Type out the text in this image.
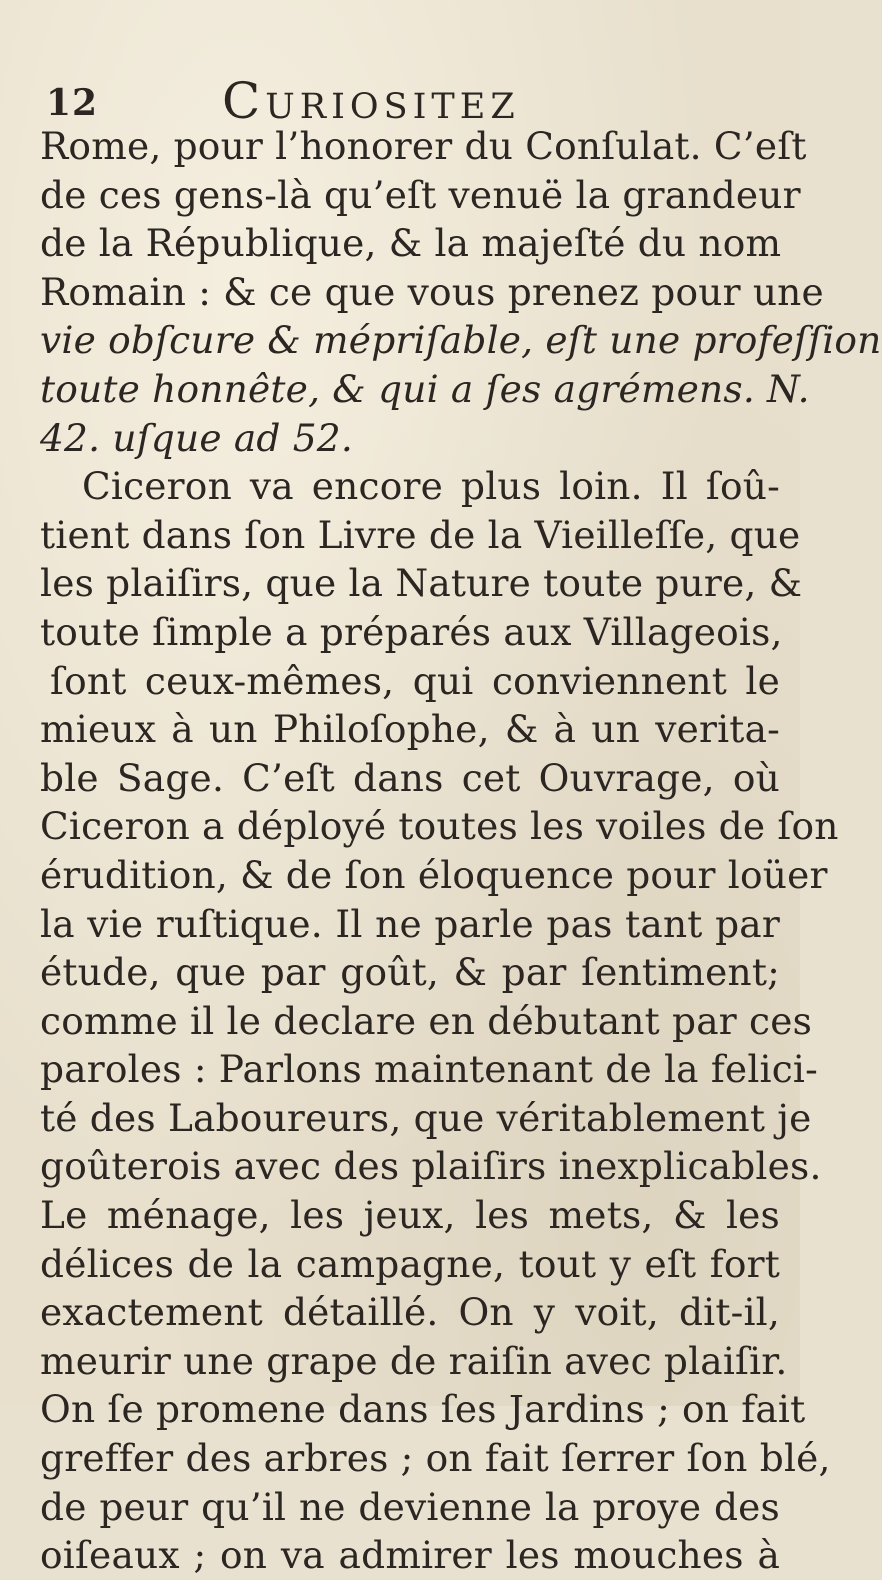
12 Curiositez
Rome, pour l’honorer du Conſulat. C’eſt
de ces gens-là qu’eſt venuë la grandeur
de la République, & la majeſté du nom
Romain : & ce que vous prenez pour une
vie obſcure & mépriſable, eſt une profeſſion
toute honnête, & qui a ſes agrémens. N.
42. uſque ad 52.
Ciceron va encore plus loin. Il ſoû-
tient dans ſon Livre de la Vieilleſſe, que
les plaiſirs, que la Nature toute pure, &
toute ſimple a préparés aux Villageois,
ſont ceux-mêmes, qui conviennent le
mieux à un Philoſophe, & à un verita-
ble Sage. C’eſt dans cet Ouvrage, où
Ciceron a déployé toutes les voiles de ſon
érudition, & de ſon éloquence pour loüer
la vie ruſtique. Il ne parle pas tant par
étude, que par goût, & par ſentiment;
comme il le declare en débutant par ces
paroles : Parlons maintenant de la felici-
té des Laboureurs, que véritablement je
goûterois avec des plaiſirs inexplicables.
Le ménage, les jeux, les mets, & les
délices de la campagne, tout y eſt fort
exactement détaillé. On y voit, dit-il,
meurir une grape de raiſin avec plaiſir.
On ſe promene dans ſes Jardins ; on fait
greffer des arbres ; on fait ſerrer ſon blé,
de peur qu’il ne devienne la proye des
oiſeaux ; on va admirer les mouches à
